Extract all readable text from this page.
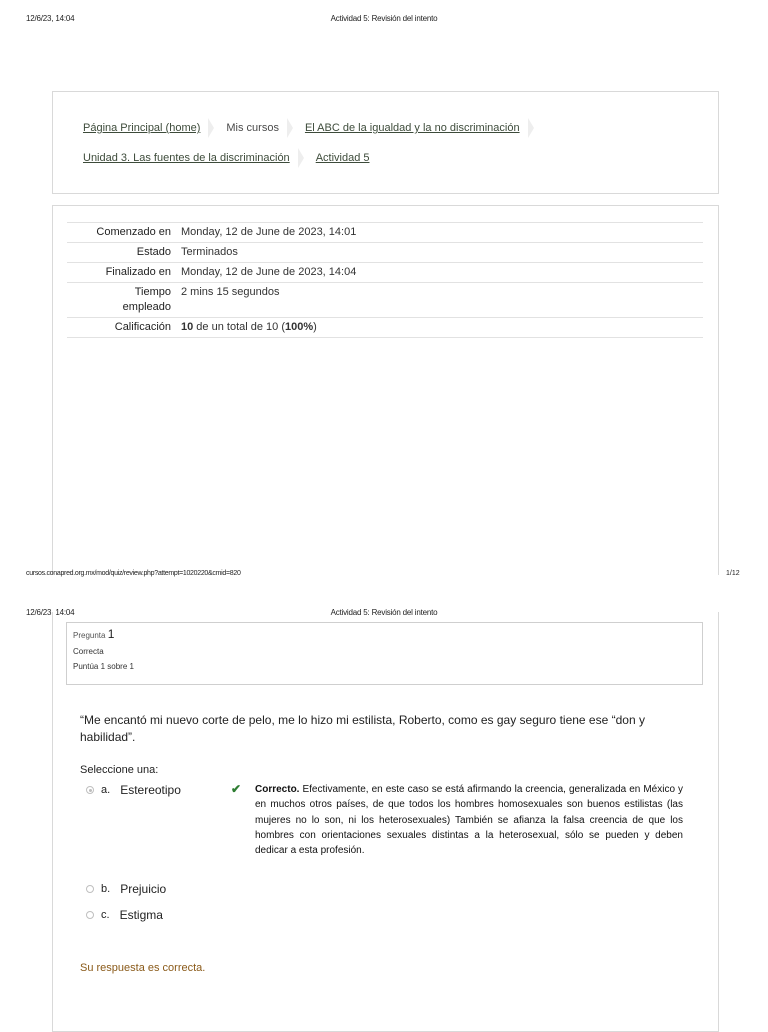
12/6/23, 14:04	Actividad 5: Revisión del intento
Página Principal (home) Mis cursos El ABC de la igualdad y la no discriminación
Unidad 3. Las fuentes de la discriminación Actividad 5
Comenzado en	Monday, 12 de June de 2023, 14:01
Estado	Terminados
Finalizado en	Monday, 12 de June de 2023, 14:04
Tiempo
empleado	2 mins 15 segundos
Calificación	10 de un total de 10 (100%)
cursos.conapred.org.mx/mod/quiz/review.php?attempt=1020220&cmid=820	1/12
12/6/23, 14:04	Actividad 5: Revisión del intento
Pregunta 1
Correcta
Puntúa 1 sobre 1
“Me encantó mi nuevo corte de pelo, me lo hizo mi estilista, Roberto, como es gay seguro tiene ese “don y habilidad”.
Seleccione una:
a. Estereotipo	✔ Correcto. Efectivamente, en este caso se está afirmando la creencia, generalizada en México y en muchos otros países, de que todos los hombres homosexuales son buenos estilistas (las mujeres no lo son, ni los heterosexuales) También se afianza la falsa creencia de que los hombres con orientaciones sexuales distintas a la heterosexual, sólo se pueden y deben dedicar a esta profesión.
b. Prejuicio
c. Estigma
Su respuesta es correcta.
